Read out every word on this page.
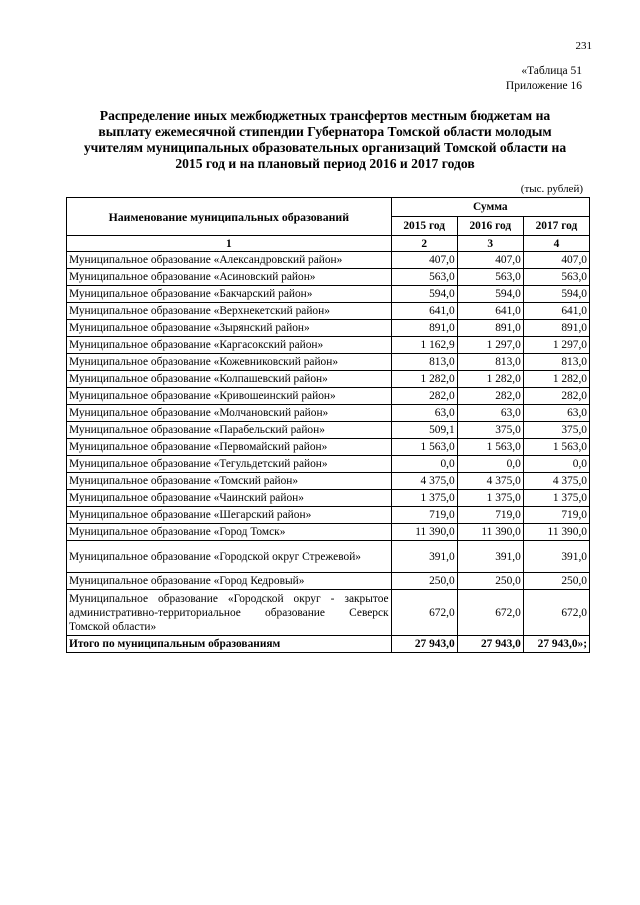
231
«Таблица 51
Приложение 16
Распределение иных межбюджетных трансфертов местным бюджетам на
выплату ежемесячной стипендии Губернатора Томской области молодым
учителям муниципальных образовательных организаций Томской области на
2015 год и на плановый период 2016 и 2017 годов
(тыс. рублей)
Наименование муниципальных образований	Сумма		
	2015 год	2016 год	2017 год
1	2	3	4
Муниципальное образование «Александровский район»	407,0	407,0	407,0
Муниципальное образование «Асиновский район»	563,0	563,0	563,0
Муниципальное образование «Бакчарский район»	594,0	594,0	594,0
Муниципальное образование «Верхнекетский район»	641,0	641,0	641,0
Муниципальное образование «Зырянский район»	891,0	891,0	891,0
Муниципальное образование «Каргасокский район»	1 162,9	1 297,0	1 297,0
Муниципальное образование «Кожевниковский район»	813,0	813,0	813,0
Муниципальное образование «Колпашевский район»	1 282,0	1 282,0	1 282,0
Муниципальное образование «Кривошеинский район»	282,0	282,0	282,0
Муниципальное образование «Молчановский район»	63,0	63,0	63,0
Муниципальное образование «Парабельский район»	509,1	375,0	375,0
Муниципальное образование «Первомайский район»	1 563,0	1 563,0	1 563,0
Муниципальное образование «Тегульдетский район»	0,0	0,0	0,0
Муниципальное образование «Томский район»	4 375,0	4 375,0	4 375,0
Муниципальное образование «Чаинский район»	1 375,0	1 375,0	1 375,0
Муниципальное образование «Шегарский район»	719,0	719,0	719,0
Муниципальное образование «Город Томск»	11 390,0	11 390,0	11 390,0
Муниципальное образование «Городской округ Стрежевой»	391,0	391,0	391,0
Муниципальное образование «Город Кедровый»	250,0	250,0	250,0
Муниципальное образование «Городской округ - закрытое административно-территориальное образование Северск Томской области»	672,0	672,0	672,0
Итого по муниципальным образованиям	27 943,0	27 943,0	27 943,0»;
